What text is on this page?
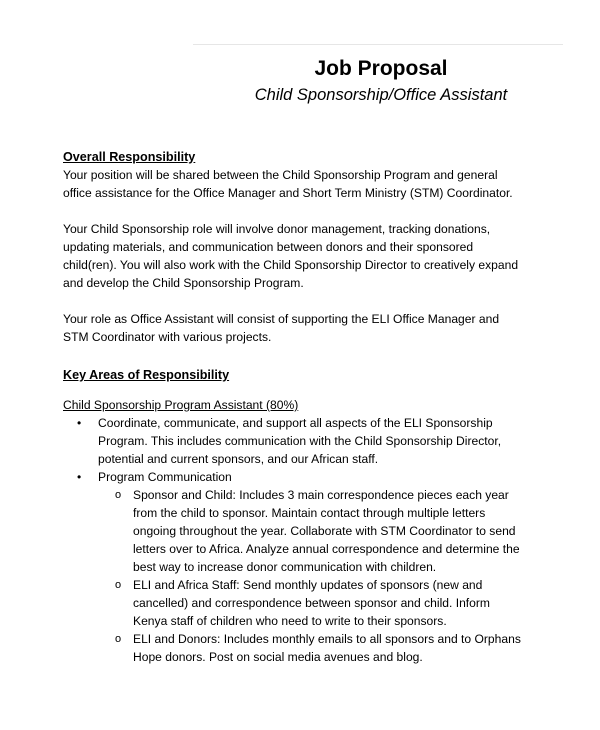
Job Proposal
Child Sponsorship/Office Assistant

Overall Responsibility

Your position will be shared between the Child Sponsorship Program and general office assistance for the Office Manager and Short Term Ministry (STM) Coordinator.

Your Child Sponsorship role will involve donor management, tracking donations, updating materials, and communication between donors and their sponsored child(ren). You will also work with the Child Sponsorship Director to creatively expand and develop the Child Sponsorship Program.

Your role as Office Assistant will consist of supporting the ELI Office Manager and STM Coordinator with various projects.

Key Areas of Responsibility

Child Sponsorship Program Assistant (80%)

• Coordinate, communicate, and support all aspects of the ELI Sponsorship Program. This includes communication with the Child Sponsorship Director, potential and current sponsors, and our African staff.
• Program Communication
o Sponsor and Child: Includes 3 main correspondence pieces each year from the child to sponsor. Maintain contact through multiple letters ongoing throughout the year. Collaborate with STM Coordinator to send letters over to Africa. Analyze annual correspondence and determine the best way to increase donor communication with children.
o ELI and Africa Staff: Send monthly updates of sponsors (new and cancelled) and correspondence between sponsor and child. Inform Kenya staff of children who need to write to their sponsors.
o ELI and Donors: Includes monthly emails to all sponsors and to Orphans Hope donors. Post on social media avenues and blog.
